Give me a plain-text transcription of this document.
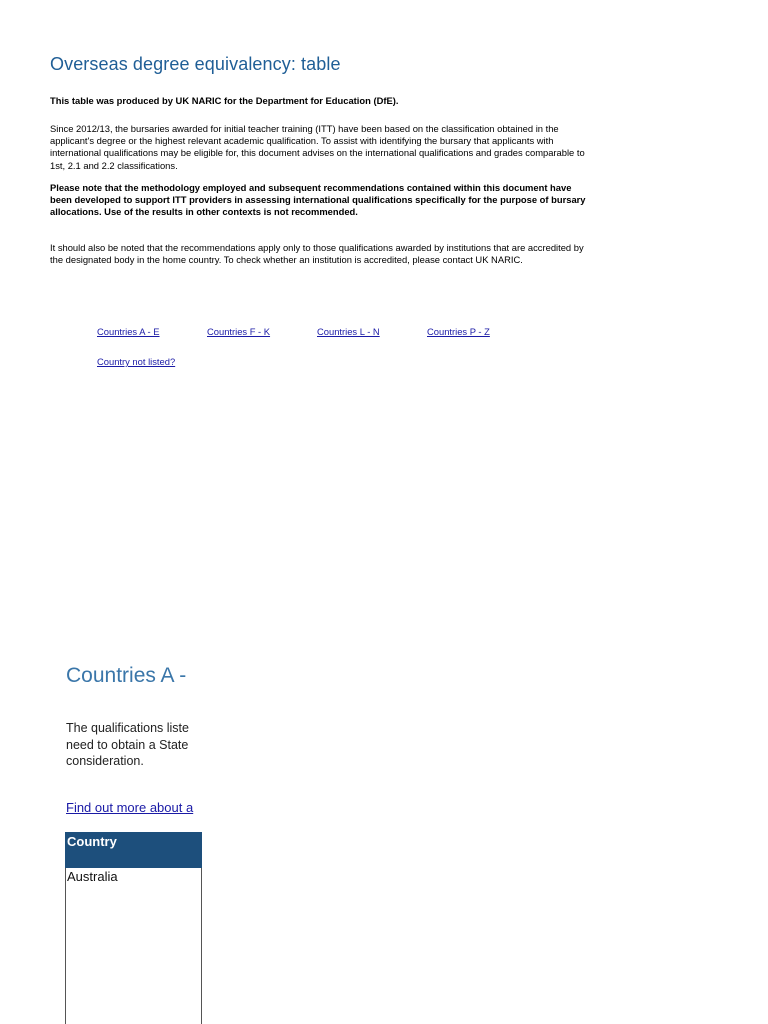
Overseas degree equivalency: table

This table was produced by UK NARIC for the Department for Education (DfE).

Since 2012/13, the bursaries awarded for initial teacher training (ITT) have been based on the classification obtained in the applicant's degree or the highest relevant academic qualification. To assist with identifying the bursary that applicants with international qualifications may be eligible for, this document advises on the international qualifications and grades comparable to 1st, 2.1 and 2.2 classifications.

Please note that the methodology employed and subsequent recommendations contained within this document have been developed to support ITT providers in assessing international qualifications specifically for the purpose of bursary allocations. Use of the results in other contexts is not recommended.

It should also be noted that the recommendations apply only to those qualifications awarded by institutions that are accredited by the designated body in the home country. To check whether an institution is accredited, please contact UK NARIC.

Countries A - E	Countries F - K	Countries L - N	Countries P - Z
Country not listed?
Countries A -
The qualifications liste
need to obtain a State
consideration.
Find out more about a
Country
Australia
